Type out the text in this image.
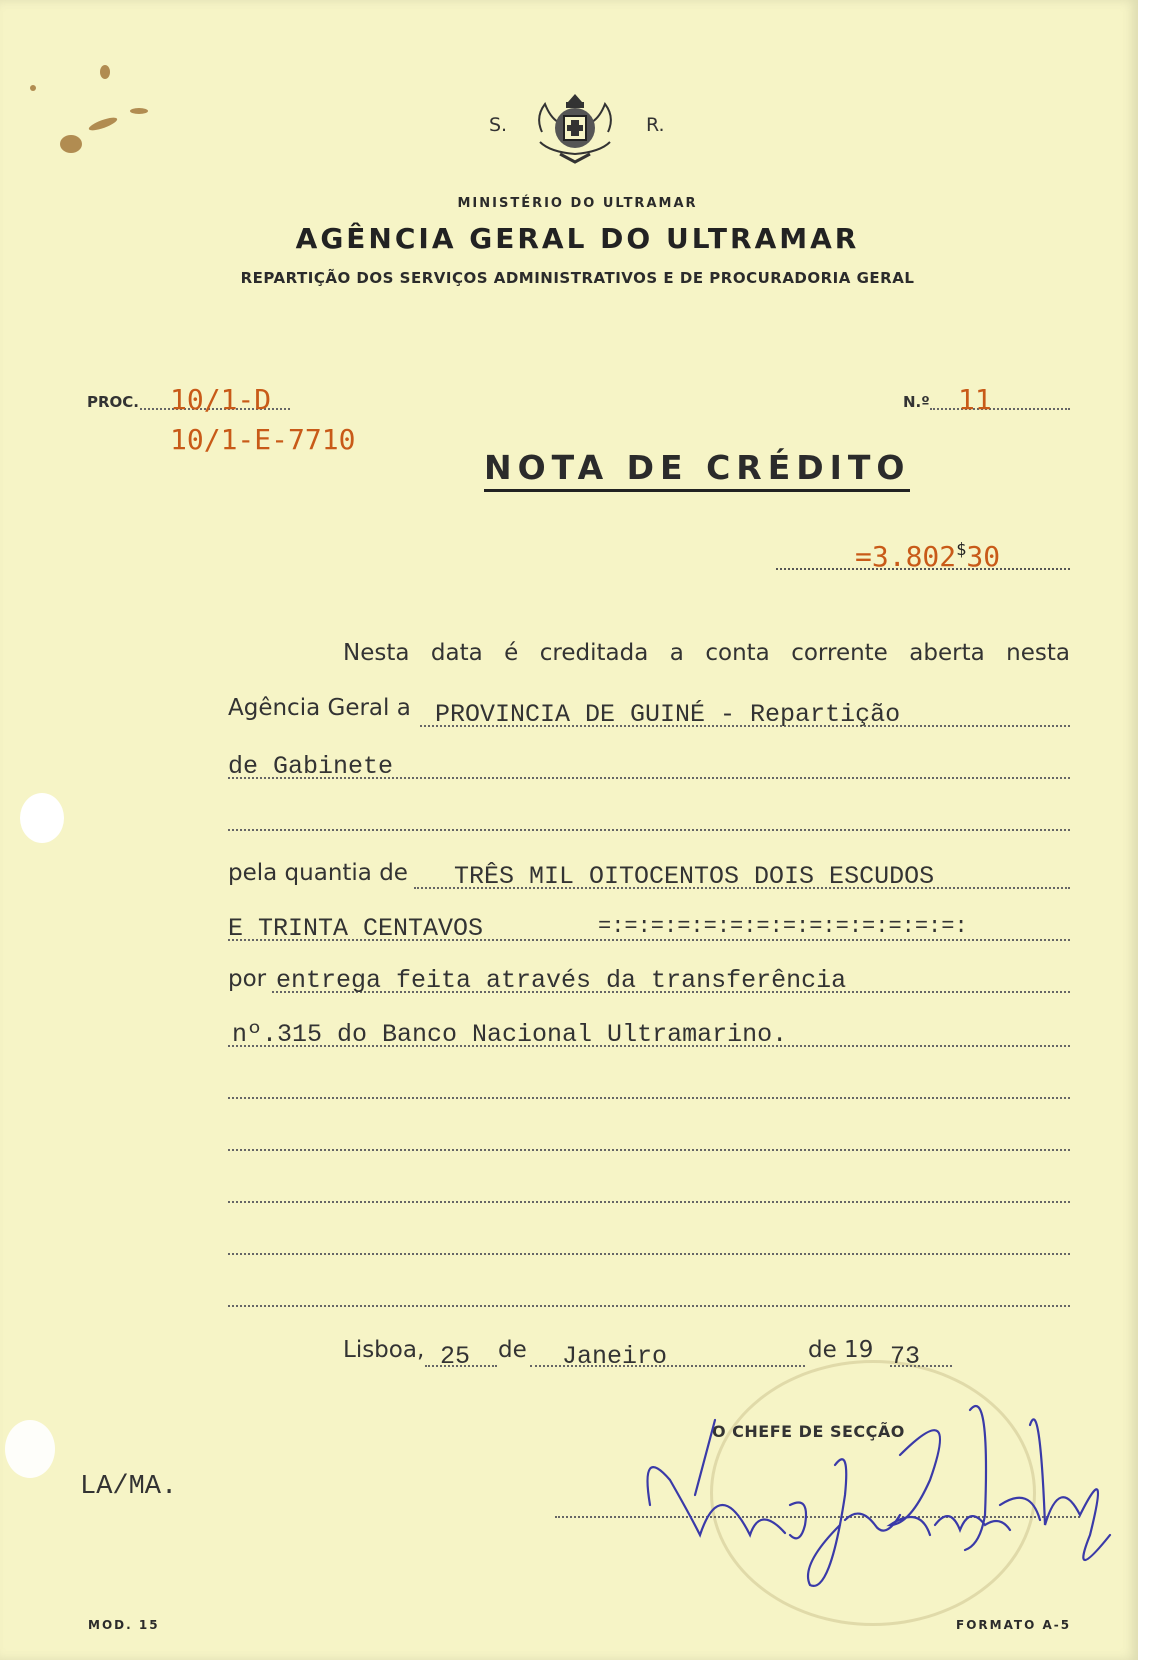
S.	R.
MINISTÉRIO DO ULTRAMAR
AGÊNCIA GERAL DO ULTRAMAR
REPARTIÇÃO DOS SERVIÇOS ADMINISTRATIVOS E DE PROCURADORIA GERAL
PROC. 10/1-D
10/1-E-7710
N.º 11
NOTA DE CRÉDITO
=3.802$30
Nesta data é creditada a conta corrente aberta nesta
Agência Geral a PROVINCIA DE GUINÉ - Repartição
de Gabinete
pela quantia de TRÊS MIL OITOCENTOS DOIS ESCUDOS
E TRINTA CENTAVOS	=:=:=:=:=:=:=:=:=:=:=:=:=:=:
por entrega feita através da transferência
nº.315 do Banco Nacional Ultramarino.
Lisboa, 25 de Janeiro	de 19 73
O CHEFE DE SECÇÃO
LA/MA.
MOD. 15	FORMATO A-5
